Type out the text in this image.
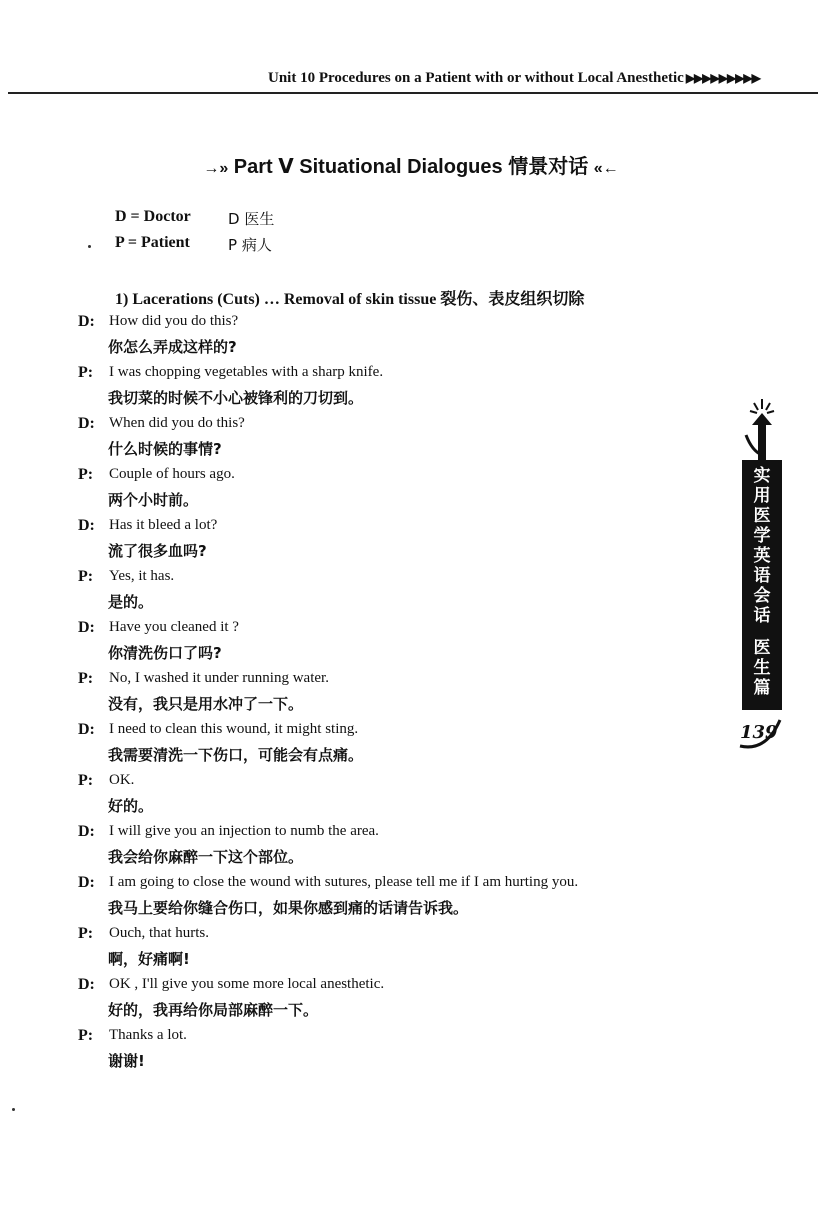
Unit 10 Procedures on a Patient with or without Local Anesthetic ▶▶▶▶▶▶▶▶▶
→» Part Ⅴ Situational Dialogues 情景对话 «←
D = Doctor	D 医生
P = Patient	P 病人
1) Lacerations (Cuts) … Removal of skin tissue 裂伤、表皮组织切除
D: How did you do this?
你怎么弄成这样的?
P:	I was chopping vegetables with a sharp knife.
我切菜的时候不小心被锋利的刀切到。
D: When did you do this?
什么时候的事情?
P:	Couple of hours ago.
两个小时前。
D: Has it bleed a lot?
流了很多血吗?
P:	Yes, it has.
是的。
D: Have you cleaned it ?
你清洗伤口了吗?
P:	No, I washed it under running water.
没有，我只是用水冲了一下。
D: I need to clean this wound, it might sting.
我需要清洗一下伤口，可能会有点痛。
P:	OK.
好的。
D: I will give you an injection to numb the area.
我会给你麻醉一下这个部位。
D: I am going to close the wound with sutures, please tell me if I am hurting you.
我马上要给你缝合伤口，如果你感到痛的话请告诉我。
P:	Ouch, that hurts.
啊，好痛啊!
D: OK , I'll give you some more local anesthetic.
好的，我再给你局部麻醉一下。
P:	Thanks a lot.
谢谢!
实
用
医
学
英
语
会
话
医
生
篇
139
